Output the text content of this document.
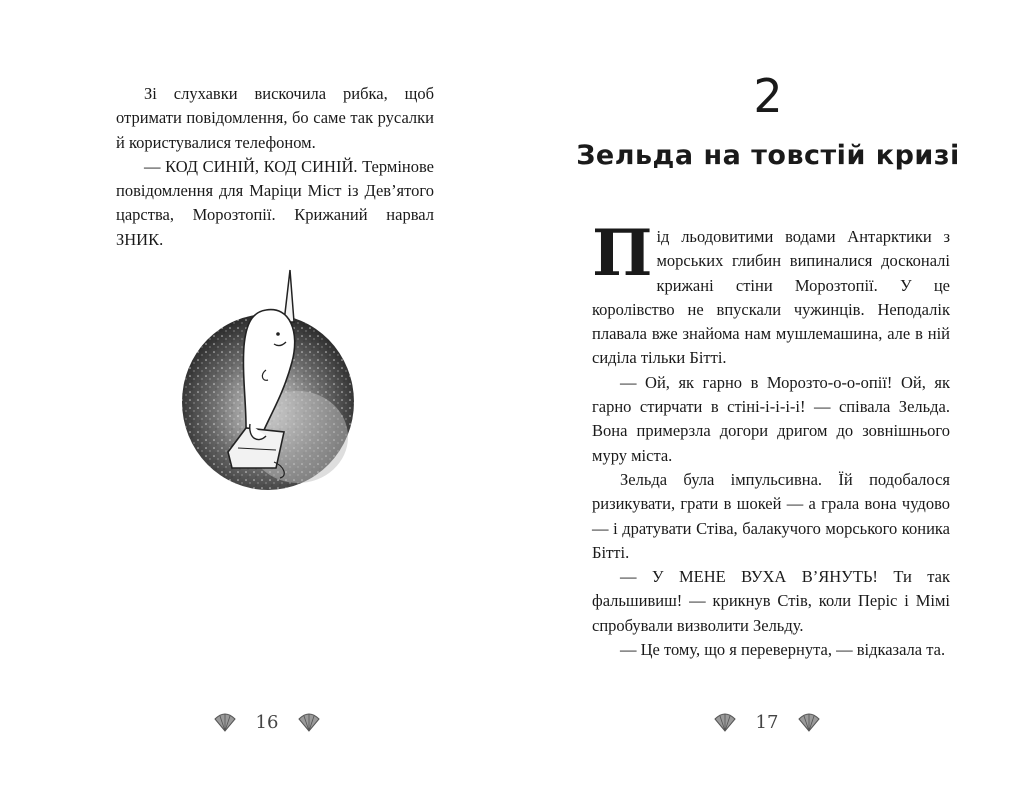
Зі слухавки вискочила рибка, щоб отримати повідомлення, бо саме так русалки й користувалися телефоном.

— КОД СИНІЙ, КОД СИНІЙ. Термінове повідомлення для Маріци Міст із Дев’ятого царства, Морозтопії. Крижаний нарвал ЗНИК.

16
2
Зельда на товстій кризі

Під льодовитими водами Антарктики з морських глибин випиналися досконалі крижані стіни Морозтопії. У це королівство не впускали чужинців. Неподалік плавала вже знайома нам мушлемашина, але в ній сиділа тільки Бітті.

— Ой, як гарно в Морозто-о-о-опії! Ой, як гарно стирчати в стіні-і-і-і-і! — співала Зельда. Вона примерзла догори дригом до зовнішнього муру міста.

Зельда була імпульсивна. Їй подобалося ризикувати, грати в шокей — а грала вона чудово — і дратувати Стіва, балакучого морського коника Бітті.

— У МЕНЕ ВУХА В’ЯНУТЬ! Ти так фальшивиш! — крикнув Стів, коли Періс і Мімі спробували визволити Зельду.

— Це тому, що я перевернута, — відказала та.

17
